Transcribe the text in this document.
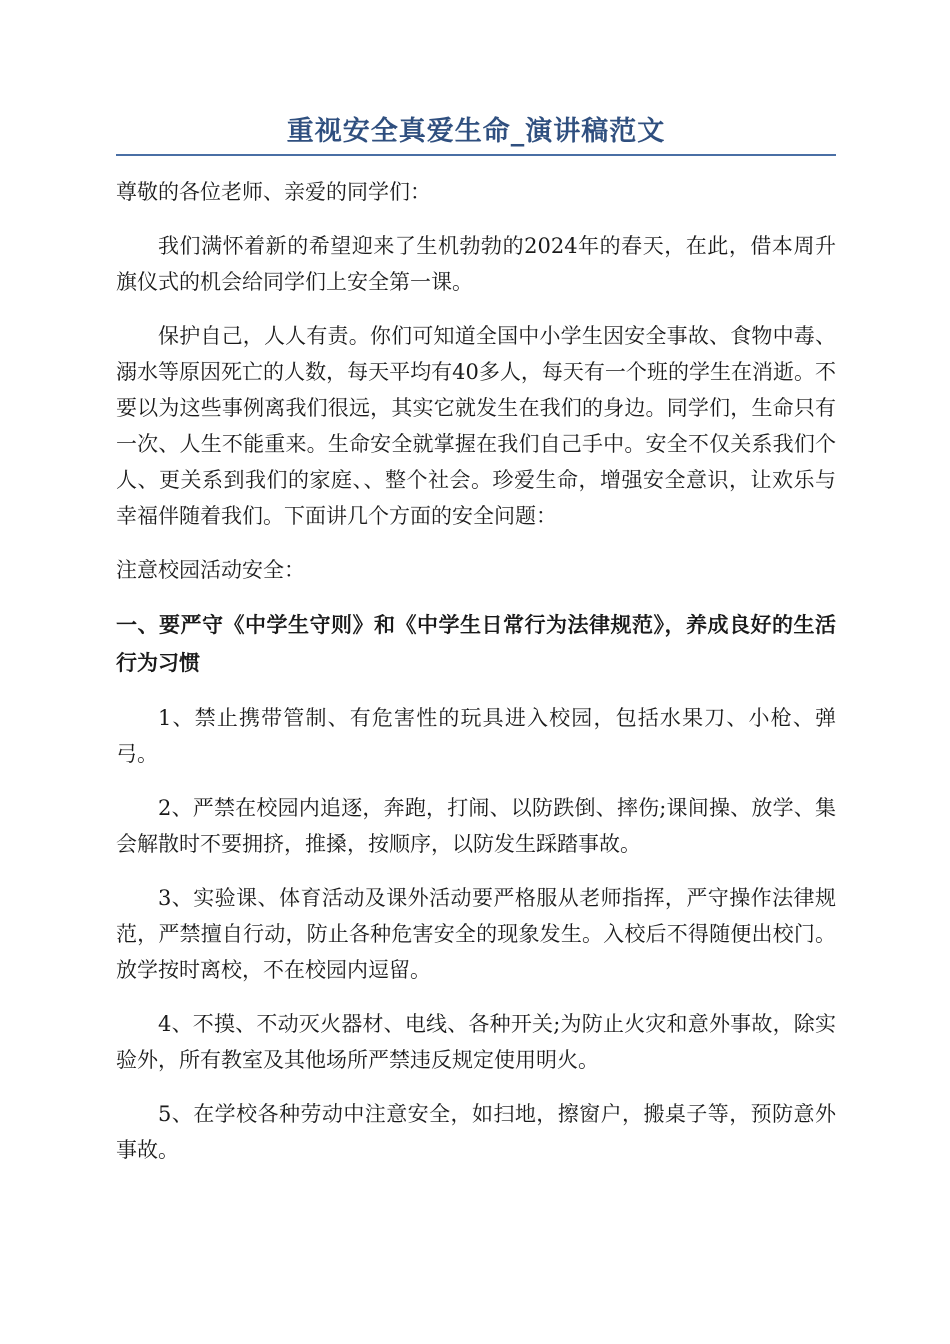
重视安全真爱生命_演讲稿范文

尊敬的各位老师、亲爱的同学们：

我们满怀着新的希望迎来了生机勃勃的2024年的春天，在此，借本周升旗仪式的机会给同学们上安全第一课。

保护自己，人人有责。你们可知道全国中小学生因安全事故、食物中毒、溺水等原因死亡的人数，每天平均有40多人，每天有一个班的学生在消逝。不要以为这些事例离我们很远，其实它就发生在我们的身边。同学们，生命只有一次、人生不能重来。生命安全就掌握在我们自己手中。安全不仅关系我们个人、更关系到我们的家庭、、整个社会。珍爱生命，增强安全意识，让欢乐与幸福伴随着我们。下面讲几个方面的安全问题：

注意校园活动安全：

一、要严守《中学生守则》和《中学生日常行为法律规范》，养成良好的生活行为习惯

1、禁止携带管制、有危害性的玩具进入校园，包括水果刀、小枪、弹弓。

2、严禁在校园内追逐，奔跑，打闹、以防跌倒、摔伤;课间操、放学、集会解散时不要拥挤，推搡，按顺序，以防发生踩踏事故。

3、实验课、体育活动及课外活动要严格服从老师指挥，严守操作法律规范，严禁擅自行动，防止各种危害安全的现象发生。入校后不得随便出校门。放学按时离校，不在校园内逗留。

4、不摸、不动灭火器材、电线、各种开关;为防止火灾和意外事故，除实验外，所有教室及其他场所严禁违反规定使用明火。

5、在学校各种劳动中注意安全，如扫地，擦窗户，搬桌子等，预防意外事故。
